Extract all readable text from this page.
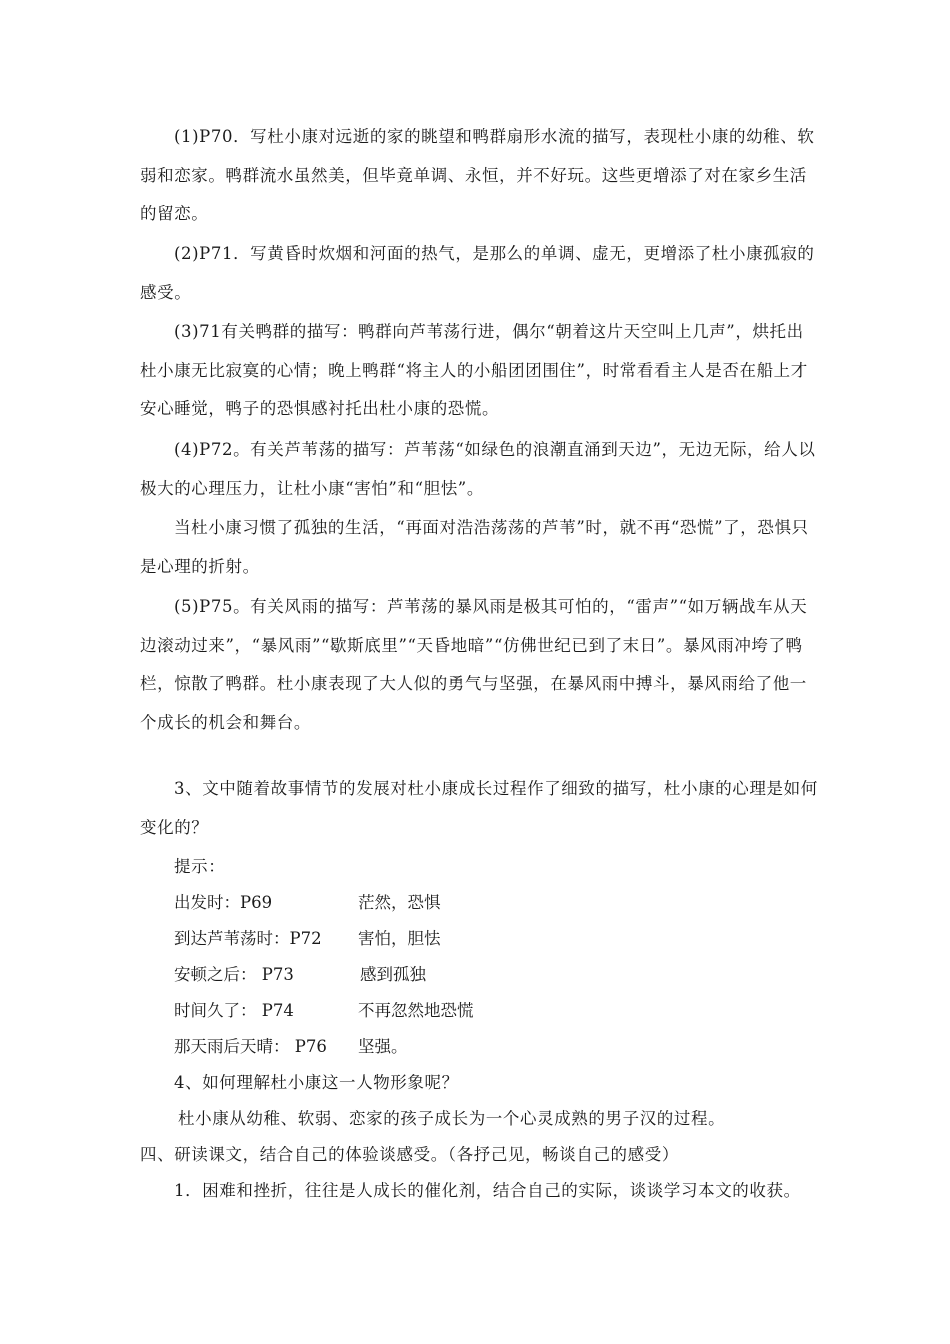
(1)P70．写杜小康对远逝的家的眺望和鸭群扇形水流的描写，表现杜小康的幼稚、软弱和恋家。鸭群流水虽然美，但毕竟单调、永恒，并不好玩。这些更增添了对在家乡生活的留恋。
(2)P71．写黄昏时炊烟和河面的热气，是那么的单调、虚无，更增添了杜小康孤寂的感受。
(3)71有关鸭群的描写：鸭群向芦苇荡行进，偶尔“朝着这片天空叫上几声”，烘托出杜小康无比寂寞的心情；晚上鸭群“将主人的小船团团围住”，时常看看主人是否在船上才安心睡觉，鸭子的恐惧感衬托出杜小康的恐慌。
(4)P72。有关芦苇荡的描写：芦苇荡“如绿色的浪潮直涌到天边”，无边无际，给人以极大的心理压力，让杜小康“害怕”和“胆怯”。
当杜小康习惯了孤独的生活，“再面对浩浩荡荡的芦苇”时，就不再“恐慌”了，恐惧只是心理的折射。
(5)P75。有关风雨的描写：芦苇荡的暴风雨是极其可怕的，“雷声”“如万辆战车从天边滚动过来”，“暴风雨”“歇斯底里”“天昏地暗”“仿佛世纪已到了末日”。暴风雨冲垮了鸭栏，惊散了鸭群。杜小康表现了大人似的勇气与坚强，在暴风雨中搏斗，暴风雨给了他一个成长的机会和舞台。
3、文中随着故事情节的发展对杜小康成长过程作了细致的描写，杜小康的心理是如何变化的？
提示：
出发时：P69	茫然，恐惧
到达芦苇荡时：P72 害怕，胆怯
安顿之后： P73	感到孤独
时间久了： P74	不再忽然地恐慌
那天雨后天晴： P76 坚强。
4、如何理解杜小康这一人物形象呢？
杜小康从幼稚、软弱、恋家的孩子成长为一个心灵成熟的男子汉的过程。
四、研读课文，结合自己的体验谈感受。（各抒己见，畅谈自己的感受）
1．困难和挫折，往往是人成长的催化剂，结合自己的实际，谈谈学习本文的收获。
